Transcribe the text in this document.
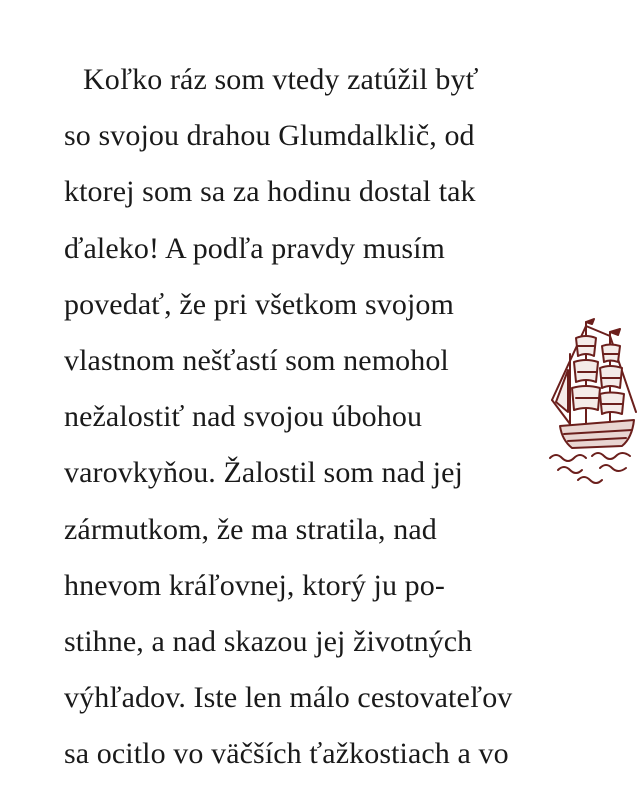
Koľko ráz som vtedy zatúžil byť
so svojou drahou Glumdalklič, od
ktorej som sa za hodinu dostal tak
ďaleko! A podľa pravdy musím
povedať, že pri všetkom svojom
vlastnom nešťastí som nemohol
nežalostiť nad svojou úbohou
varovkyňou. Žalostil som nad jej
zármutkom, že ma stratila, nad
hnevom kráľovnej, ktorý ju po-
stihne, a nad skazou jej životných
výhľadov. Iste len málo cestovateľov
sa ocitlo vo väčších ťažkostiach a vo
